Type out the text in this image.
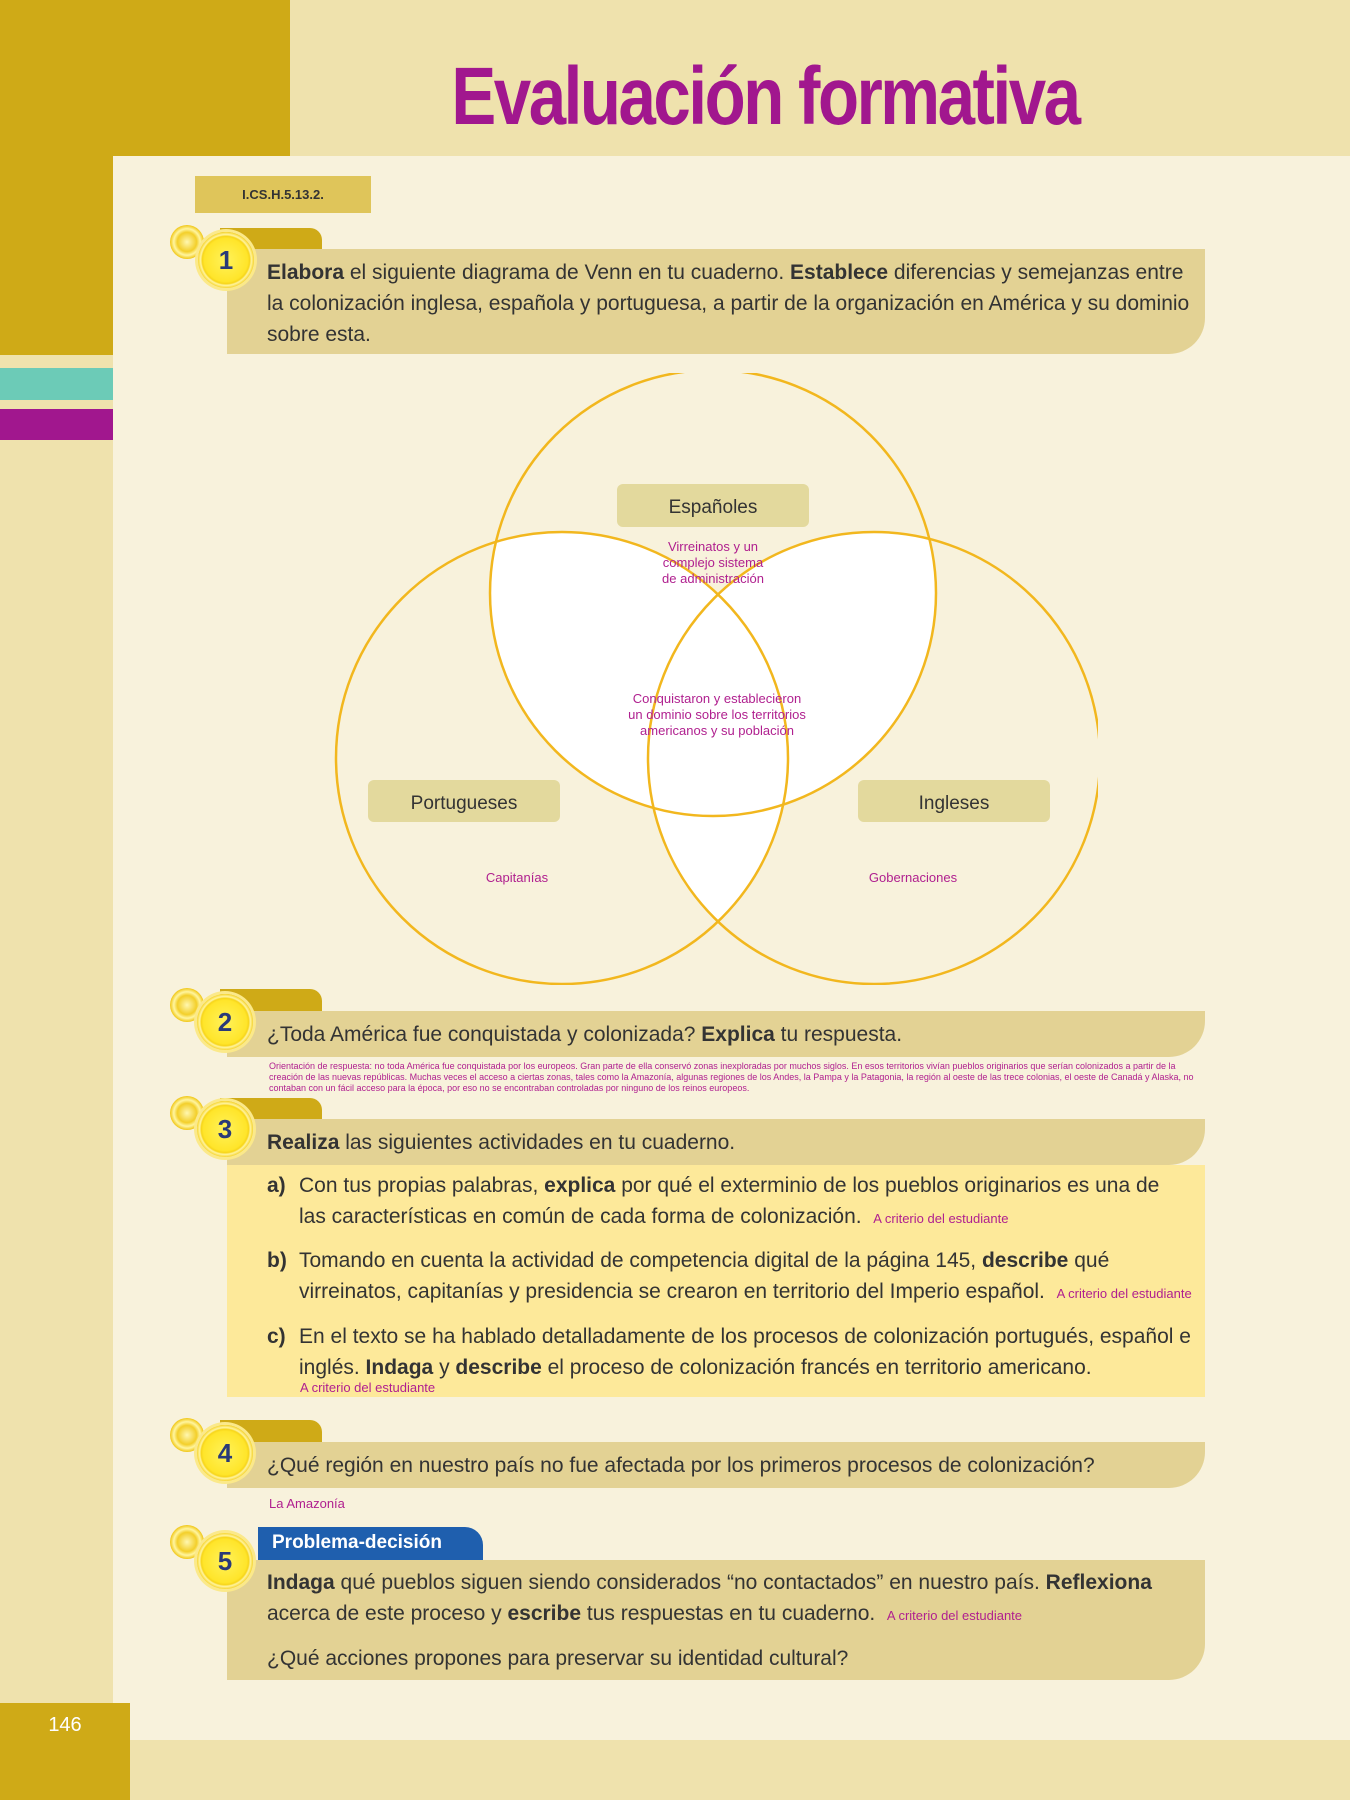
146
Evaluación formativa
I.CS.H.5.13.2.
1	Elabora el siguiente diagrama de Venn en tu cuaderno. Establece diferencias y semejanzas entre la colonización inglesa, española y portuguesa, a partir de la organización en América y su dominio sobre esta.

Españoles
Virreinatos y un
complejo sistema
de administración
Conquistaron y establecieron
un dominio sobre los territorios
americanos y su población
Portugueses
Capitanías
Ingleses
Gobernaciones
2	¿Toda América fue conquistada y colonizada? Explica tu respuesta.

Orientación de respuesta: no toda América fue conquistada por los europeos. Gran parte de ella conservó zonas inexploradas por muchos siglos. En esos territorios vivían pueblos originarios que serían colonizados a partir de la creación de las nuevas repúblicas. Muchas veces el acceso a ciertas zonas, tales como la Amazonía, algunas regiones de los Andes, la Pampa y la Patagonia, la región al oeste de las trece colonias, el oeste de Canadá y Alaska, no contaban con un fácil acceso para la época, por eso no se encontraban controladas por ninguno de los reinos europeos.

3	Realiza las siguientes actividades en tu cuaderno.

a) Con tus propias palabras, explica por qué el exterminio de los pueblos originarios es una de las características en común de cada forma de colonización. A criterio del estudiante
b) Tomando en cuenta la actividad de competencia digital de la página 145, describe qué virreinatos, capitanías y presidencia se crearon en territorio del Imperio español. A criterio del estudiante
c) En el texto se ha hablado detalladamente de los procesos de colonización portugués, español e inglés. Indaga y describe el proceso de colonización francés en territorio americano.

A criterio del estudiante

4	¿Qué región en nuestro país no fue afectada por los primeros procesos de colonización?

La Amazonía

Problema-decisión
5

Indaga qué pueblos siguen siendo considerados “no contactados” en nuestro país. Reflexiona acerca de este proceso y escribe tus respuestas en tu cuaderno. A criterio del estudiante

¿Qué acciones propones para preservar su identidad cultural?
